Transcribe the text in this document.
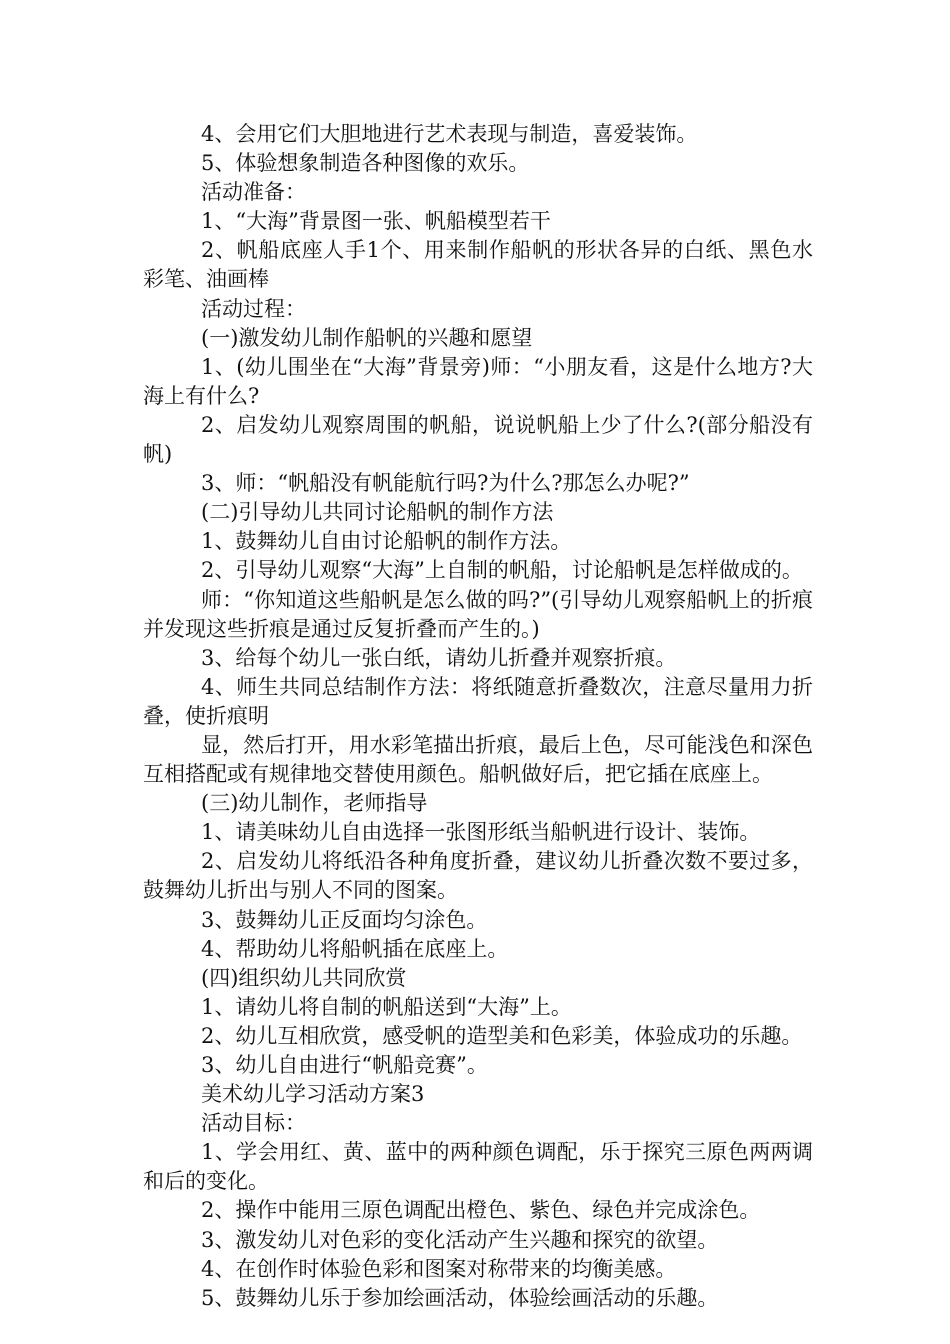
4、会用它们大胆地进行艺术表现与制造，喜爱装饰。

5、体验想象制造各种图像的欢乐。

活动准备：

1、“大海”背景图一张、帆船模型若干

2、帆船底座人手1个、用来制作船帆的形状各异的白纸、黑色水彩笔、油画棒

活动过程：

(一)激发幼儿制作船帆的兴趣和愿望

1、(幼儿围坐在“大海”背景旁)师：“小朋友看，这是什么地方?大海上有什么?

2、启发幼儿观察周围的帆船，说说帆船上少了什么?(部分船没有帆)

3、师：“帆船没有帆能航行吗?为什么?那怎么办呢?”

(二)引导幼儿共同讨论船帆的制作方法

1、鼓舞幼儿自由讨论船帆的制作方法。

2、引导幼儿观察“大海”上自制的帆船，讨论船帆是怎样做成的。

师：“你知道这些船帆是怎么做的吗?”(引导幼儿观察船帆上的折痕并发现这些折痕是通过反复折叠而产生的。)

3、给每个幼儿一张白纸，请幼儿折叠并观察折痕。

4、师生共同总结制作方法：将纸随意折叠数次，注意尽量用力折叠，使折痕明

显，然后打开，用水彩笔描出折痕，最后上色，尽可能浅色和深色互相搭配或有规律地交替使用颜色。船帆做好后，把它插在底座上。

(三)幼儿制作，老师指导

1、请美味幼儿自由选择一张图形纸当船帆进行设计、装饰。

2、启发幼儿将纸沿各种角度折叠，建议幼儿折叠次数不要过多，鼓舞幼儿折出与别人不同的图案。

3、鼓舞幼儿正反面均匀涂色。

4、帮助幼儿将船帆插在底座上。

(四)组织幼儿共同欣赏

1、请幼儿将自制的帆船送到“大海”上。

2、幼儿互相欣赏，感受帆的造型美和色彩美，体验成功的乐趣。

3、幼儿自由进行“帆船竞赛”。

美术幼儿学习活动方案3

活动目标：

1、学会用红、黄、蓝中的两种颜色调配，乐于探究三原色两两调和后的变化。

2、操作中能用三原色调配出橙色、紫色、绿色并完成涂色。

3、激发幼儿对色彩的变化活动产生兴趣和探究的欲望。

4、在创作时体验色彩和图案对称带来的均衡美感。

5、鼓舞幼儿乐于参加绘画活动，体验绘画活动的乐趣。
